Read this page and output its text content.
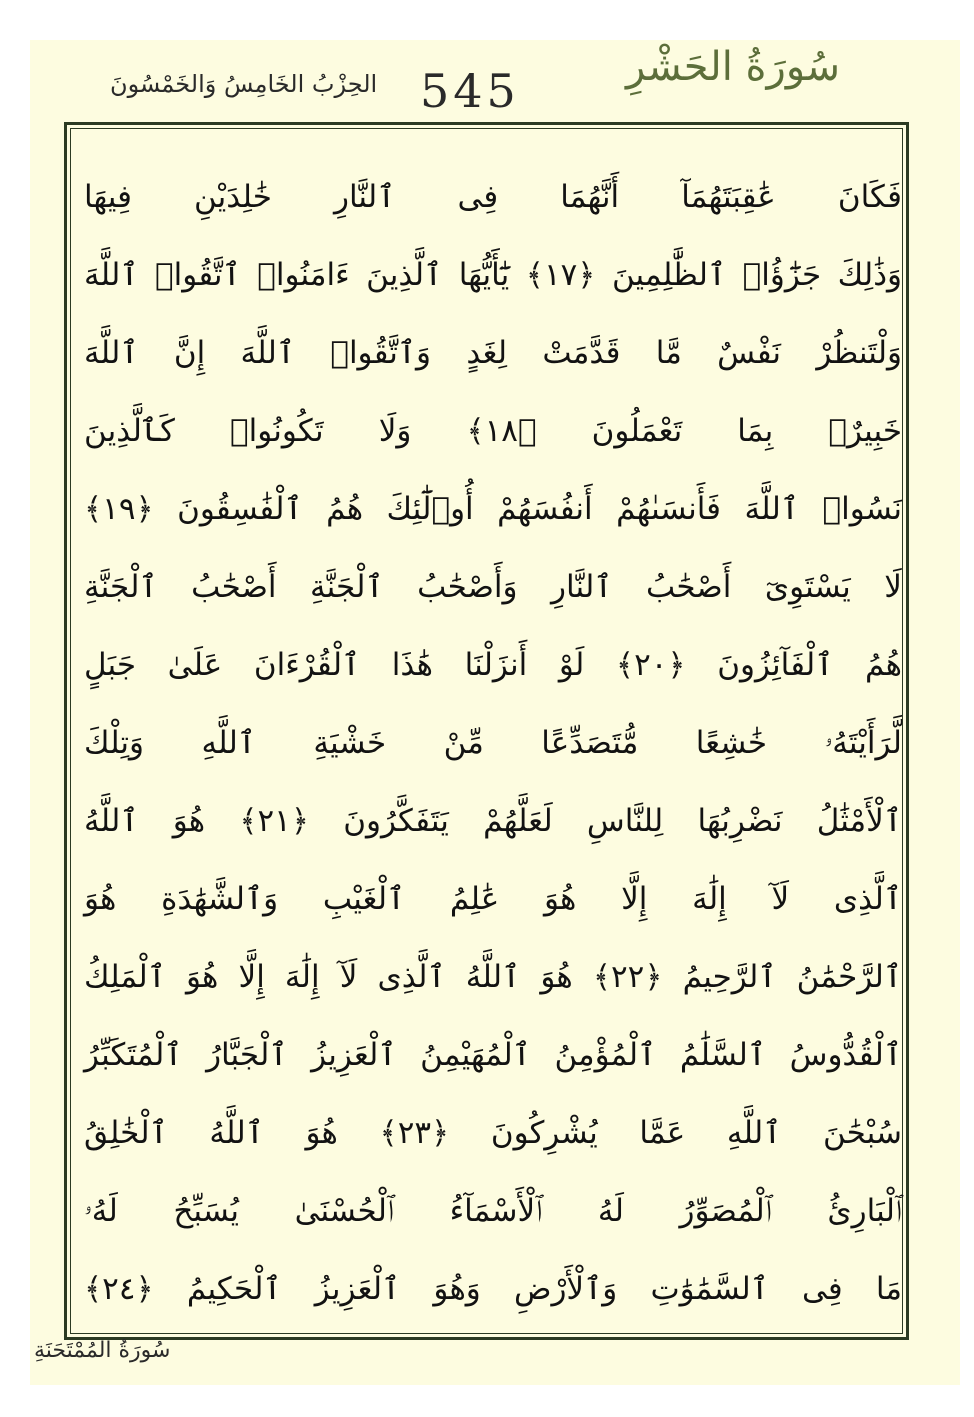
سُورَةُ الحَشْرِ
545
الحِزْبُ الخَامِسُ وَالخَمْسُونَ
فَكَانَ عَٰقِبَتَهُمَآ أَنَّهُمَا فِى ٱلنَّارِ خَٰلِدَيْنِ فِيهَا
وَذَٰلِكَ جَزَٰٓؤُا۟ ٱلظَّٰلِمِينَ ﴿١٧﴾ يَٰٓأَيُّهَا ٱلَّذِينَ ءَامَنُوا۟ ٱتَّقُوا۟ ٱللَّهَ
وَلْتَنظُرْ نَفْسٌ مَّا قَدَّمَتْ لِغَدٍ وَٱتَّقُوا۟ ٱللَّهَ إِنَّ ٱللَّهَ
خَبِيرٌۢ بِمَا تَعْمَلُونَ ﴿١٨﴾ وَلَا تَكُونُوا۟ كَٱلَّذِينَ
نَسُوا۟ ٱللَّهَ فَأَنسَىٰهُمْ أَنفُسَهُمْ أُو۟لَٰٓئِكَ هُمُ ٱلْفَٰسِقُونَ ﴿١٩﴾
لَا يَسْتَوِىٓ أَصْحَٰبُ ٱلنَّارِ وَأَصْحَٰبُ ٱلْجَنَّةِ أَصْحَٰبُ ٱلْجَنَّةِ
هُمُ ٱلْفَآئِزُونَ ﴿٢٠﴾ لَوْ أَنزَلْنَا هَٰذَا ٱلْقُرْءَانَ عَلَىٰ جَبَلٍ
لَّرَأَيْتَهُۥ خَٰشِعًا مُّتَصَدِّعًا مِّنْ خَشْيَةِ ٱللَّهِ وَتِلْكَ
ٱلْأَمْثَٰلُ نَضْرِبُهَا لِلنَّاسِ لَعَلَّهُمْ يَتَفَكَّرُونَ ﴿٢١﴾ هُوَ ٱللَّهُ
ٱلَّذِى لَآ إِلَٰهَ إِلَّا هُوَ عَٰلِمُ ٱلْغَيْبِ وَٱلشَّهَٰدَةِ هُوَ
ٱلرَّحْمَٰنُ ٱلرَّحِيمُ ﴿٢٢﴾ هُوَ ٱللَّهُ ٱلَّذِى لَآ إِلَٰهَ إِلَّا هُوَ ٱلْمَلِكُ
ٱلْقُدُّوسُ ٱلسَّلَٰمُ ٱلْمُؤْمِنُ ٱلْمُهَيْمِنُ ٱلْعَزِيزُ ٱلْجَبَّارُ ٱلْمُتَكَبِّرُ
سُبْحَٰنَ ٱللَّهِ عَمَّا يُشْرِكُونَ ﴿٢٣﴾ هُوَ ٱللَّهُ ٱلْخَٰلِقُ
ٱلْبَارِئُ ٱلْمُصَوِّرُ لَهُ ٱلْأَسْمَآءُ ٱلْحُسْنَىٰ يُسَبِّحُ لَهُۥ
مَا فِى ٱلسَّمَٰوَٰتِ وَٱلْأَرْضِ وَهُوَ ٱلْعَزِيزُ ٱلْحَكِيمُ ﴿٢٤﴾
سُورَةُ المُمْتَحَنَةِ
